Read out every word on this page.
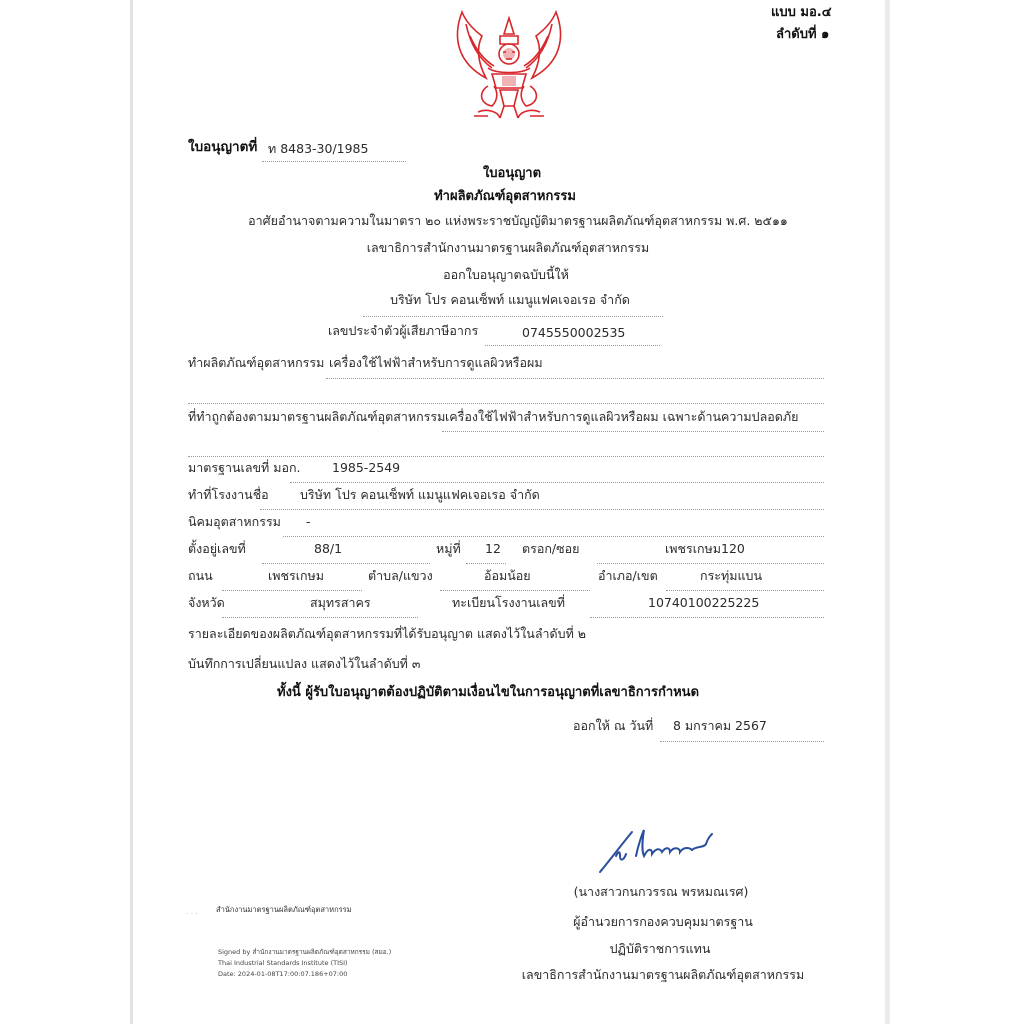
แบบ มอ.๔
ลำดับที่ ๑
ใบอนุญาตที่ ท 8483-30/1985
ใบอนุญาต
ทำผลิตภัณฑ์อุตสาหกรรม
อาศัยอำนาจตามความในมาตรา ๒๐ แห่งพระราชบัญญัติมาตรฐานผลิตภัณฑ์อุตสาหกรรม พ.ศ. ๒๕๑๑
เลขาธิการสำนักงานมาตรฐานผลิตภัณฑ์อุตสาหกรรม
ออกใบอนุญาตฉบับนี้ให้
บริษัท โปร คอนเซ็พท์ แมนูแฟคเจอเรอ จำกัด
เลขประจำตัวผู้เสียภาษีอากร	0745550002535
ทำผลิตภัณฑ์อุตสาหกรรม เครื่องใช้ไฟฟ้าสำหรับการดูแลผิวหรือผม
ที่ทำถูกต้องตามมาตรฐานผลิตภัณฑ์อุตสาหกรรม เครื่องใช้ไฟฟ้าสำหรับการดูแลผิวหรือผม เฉพาะด้านความปลอดภัย
มาตรฐานเลขที่ มอก.	1985-2549
ทำที่โรงงานชื่อ	บริษัท โปร คอนเซ็พท์ แมนูแฟคเจอเรอ จำกัด
นิคมอุตสาหกรรม -
ตั้งอยู่เลขที่	88/1	หมู่ที่ 12 ตรอก/ซอย	เพชรเกษม120
ถนน	เพชรเกษม	ตำบล/แขวง	อ้อมน้อย	อำเภอ/เขต	กระทุ่มแบน
จังหวัด	สมุทรสาคร	ทะเบียนโรงงานเลขที่	10740100225225
รายละเอียดของผลิตภัณฑ์อุตสาหกรรมที่ได้รับอนุญาต แสดงไว้ในลำดับที่ ๒
บันทึกการเปลี่ยนแปลง แสดงไว้ในลำดับที่ ๓
ทั้งนี้ ผู้รับใบอนุญาตต้องปฏิบัติตามเงื่อนไขในการอนุญาตที่เลขาธิการกำหนด
ออกให้ ณ วันที่ 8 มกราคม 2567
(นางสาวกนกวรรณ พรหมณเรศ)
ผู้อำนวยการกองควบคุมมาตรฐาน
ปฏิบัติราชการแทน
เลขาธิการสำนักงานมาตรฐานผลิตภัณฑ์อุตสาหกรรม
. . . สำนักงานมาตรฐานผลิตภัณฑ์อุตสาหกรรม
Signed by สำนักงานมาตรฐานผลิตภัณฑ์อุตสาหกรรม (สมอ.)
Thai Industrial Standards Institute (TISI)
Date: 2024-01-08T17:00:07.186+07:00
